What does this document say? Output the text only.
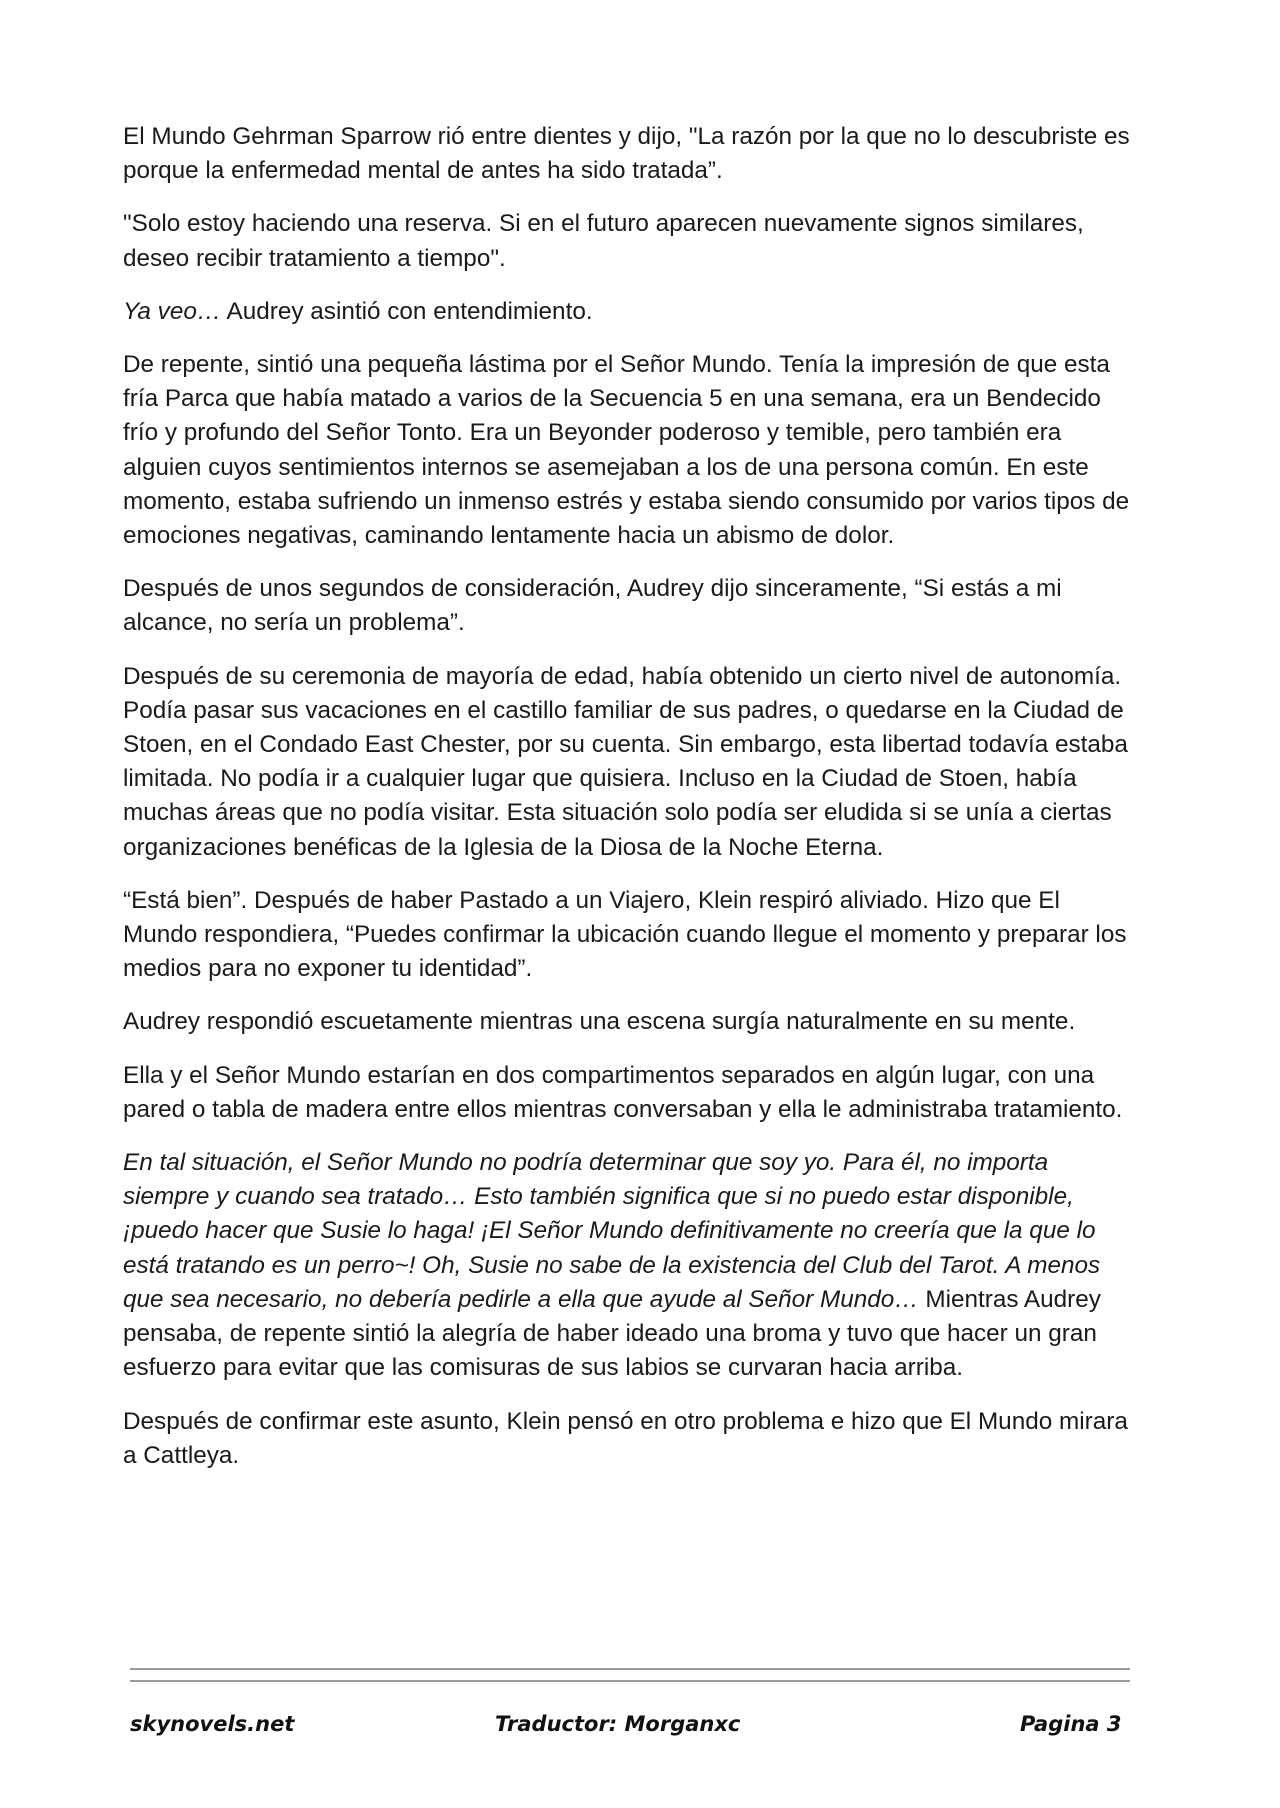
El Mundo Gehrman Sparrow rió entre dientes y dijo, "La razón por la que no lo descubriste es porque la enfermedad mental de antes ha sido tratada”.

"Solo estoy haciendo una reserva. Si en el futuro aparecen nuevamente signos similares, deseo recibir tratamiento a tiempo".

Ya veo… Audrey asintió con entendimiento.

De repente, sintió una pequeña lástima por el Señor Mundo. Tenía la impresión de que esta fría Parca que había matado a varios de la Secuencia 5 en una semana, era un Bendecido frío y profundo del Señor Tonto. Era un Beyonder poderoso y temible, pero también era alguien cuyos sentimientos internos se asemejaban a los de una persona común. En este momento, estaba sufriendo un inmenso estrés y estaba siendo consumido por varios tipos de emociones negativas, caminando lentamente hacia un abismo de dolor.

Después de unos segundos de consideración, Audrey dijo sinceramente, “Si estás a mi alcance, no sería un problema”.

Después de su ceremonia de mayoría de edad, había obtenido un cierto nivel de autonomía. Podía pasar sus vacaciones en el castillo familiar de sus padres, o quedarse en la Ciudad de Stoen, en el Condado East Chester, por su cuenta. Sin embargo, esta libertad todavía estaba limitada. No podía ir a cualquier lugar que quisiera. Incluso en la Ciudad de Stoen, había muchas áreas que no podía visitar. Esta situación solo podía ser eludida si se unía a ciertas organizaciones benéficas de la Iglesia de la Diosa de la Noche Eterna.

“Está bien”. Después de haber Pastado a un Viajero, Klein respiró aliviado. Hizo que El Mundo respondiera, “Puedes confirmar la ubicación cuando llegue el momento y preparar los medios para no exponer tu identidad”.

Audrey respondió escuetamente mientras una escena surgía naturalmente en su mente.

Ella y el Señor Mundo estarían en dos compartimentos separados en algún lugar, con una pared o tabla de madera entre ellos mientras conversaban y ella le administraba tratamiento.

En tal situación, el Señor Mundo no podría determinar que soy yo. Para él, no importa siempre y cuando sea tratado… Esto también significa que si no puedo estar disponible, ¡puedo hacer que Susie lo haga! ¡El Señor Mundo definitivamente no creería que la que lo está tratando es un perro~! Oh, Susie no sabe de la existencia del Club del Tarot. A menos que sea necesario, no debería pedirle a ella que ayude al Señor Mundo… Mientras Audrey pensaba, de repente sintió la alegría de haber ideado una broma y tuvo que hacer un gran esfuerzo para evitar que las comisuras de sus labios se curvaran hacia arriba.

Después de confirmar este asunto, Klein pensó en otro problema e hizo que El Mundo mirara a Cattleya.

skynovels.net	Traductor: Morganxc	Pagina 3
